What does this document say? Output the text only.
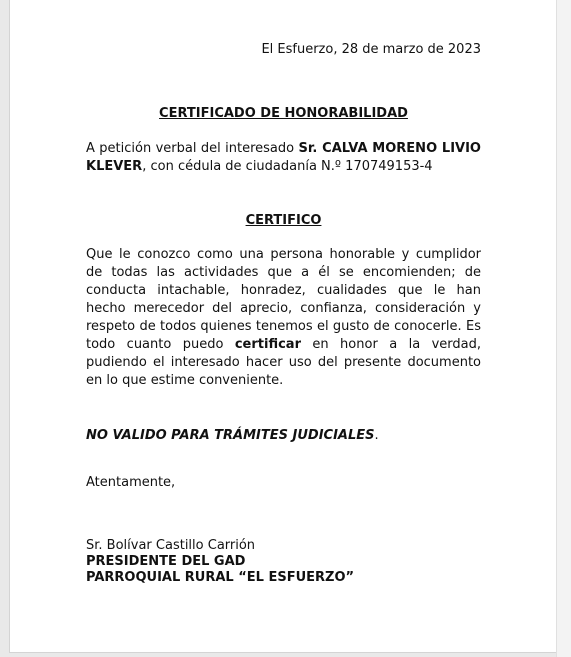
El Esfuerzo, 28 de marzo de 2023
CERTIFICADO DE HONORABILIDAD
A petición verbal del interesado Sr. CALVA MORENO LIVIO KLEVER, con cédula de ciudadanía N.º 170749153-4
CERTIFICO
Que le conozco como una persona honorable y cumplidor de todas las actividades que a él se encomienden; de conducta intachable, honradez, cualidades que le han hecho merecedor del aprecio, confianza, consideración y respeto de todos quienes tenemos el gusto de conocerle. Es todo cuanto puedo certificar en honor a la verdad, pudiendo el interesado hacer uso del presente documento en lo que estime conveniente.
NO VALIDO PARA TRÁMITES JUDICIALES.
Atentamente,
Sr. Bolívar Castillo Carrión
PRESIDENTE DEL GAD
PARROQUIAL RURAL “EL ESFUERZO”
